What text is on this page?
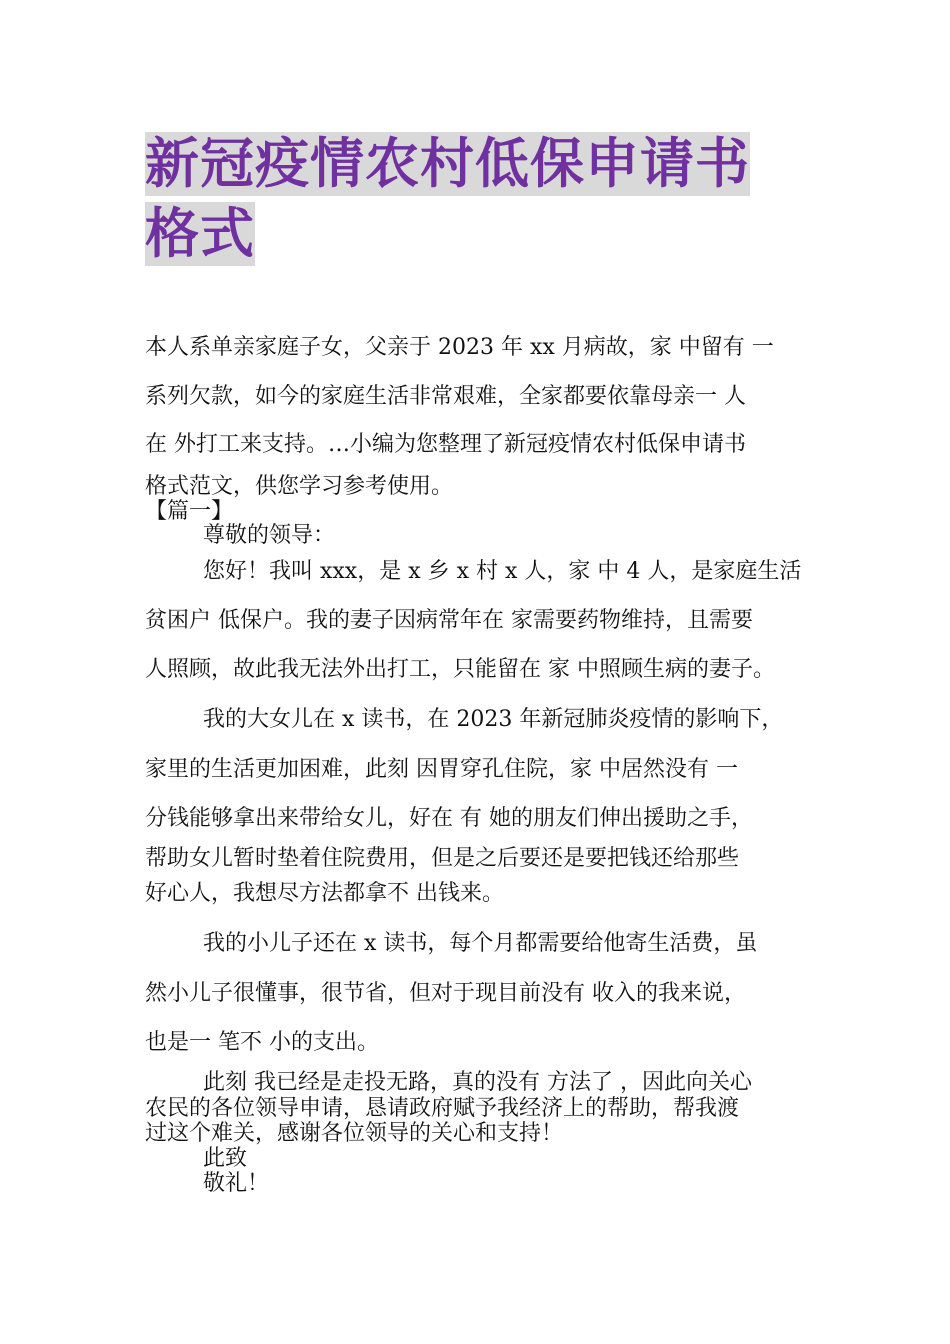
新冠疫情农村低保申请书
格式
本人系单亲家庭子女，父亲于 2023 年 xx 月病故，家 中留有 一
系列欠款，如今的家庭生活非常艰难，全家都要依靠母亲一 人
在 外打工来支持。…小编为您整理了新冠疫情农村低保申请书
格式范文，供您学习参考使用。
【篇一】
尊敬的领导：
您好！我叫 xxx，是 x 乡 x 村 x 人，家 中 4 人，是家庭生活
贫困户 低保户。我的妻子因病常年在 家需要药物维持，且需要
人照顾，故此我无法外出打工，只能留在 家 中照顾生病的妻子。
我的大女儿在 x 读书，在 2023 年新冠肺炎疫情的影响下，
家里的生活更加困难，此刻 因胃穿孔住院，家 中居然没有 一
分钱能够拿出来带给女儿，好在 有 她的朋友们伸出援助之手，
帮助女儿暂时垫着住院费用，但是之后要还是要把钱还给那些
好心人，我想尽方法都拿不 出钱来。
我的小儿子还在 x 读书，每个月都需要给他寄生活费，虽
然小儿子很懂事，很节省，但对于现目前没有 收入的我来说，
也是一 笔不 小的支出。
此刻 我已经是走投无路，真的没有 方法了 ，因此向关心
农民的各位领导申请，恳请政府赋予我经济上的帮助，帮我渡
过这个难关，感谢各位领导的关心和支持！
此致
敬礼！
